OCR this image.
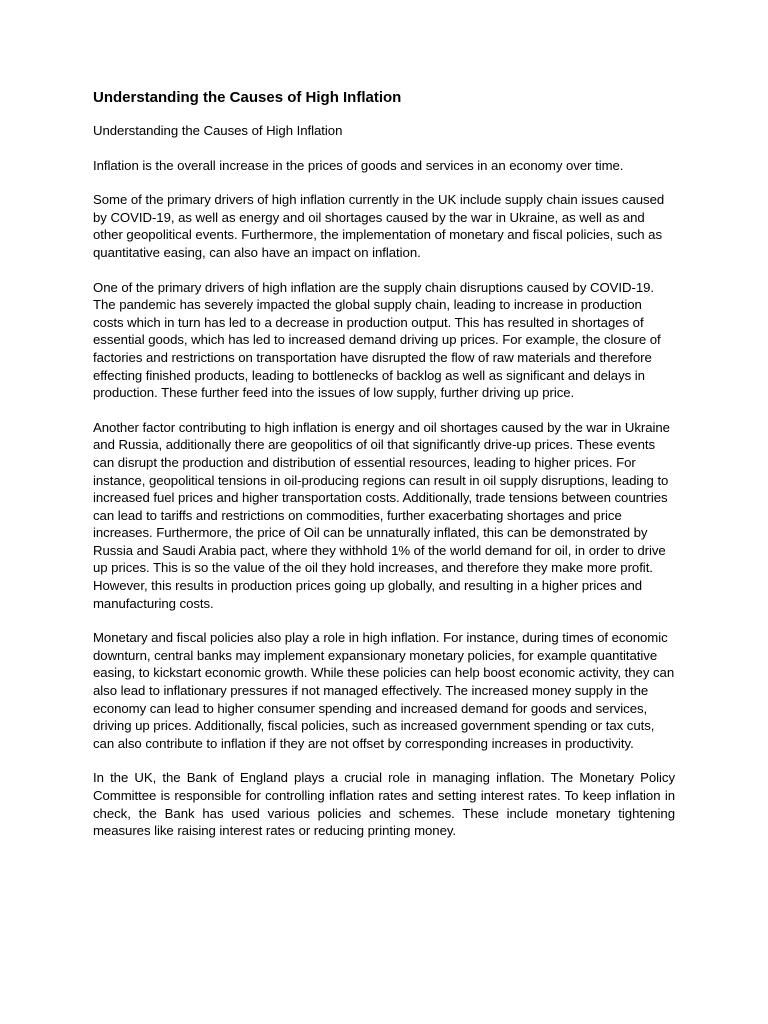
Understanding the Causes of High Inflation

Understanding the Causes of High Inflation

Inflation is the overall increase in the prices of goods and services in an economy over time.

Some of the primary drivers of high inflation currently in the UK include supply chain issues caused by COVID-19, as well as energy and oil shortages caused by the war in Ukraine, as well as and other geopolitical events. Furthermore, the implementation of monetary and fiscal policies, such as quantitative easing, can also have an impact on inflation.

One of the primary drivers of high inflation are the supply chain disruptions caused by COVID-19. The pandemic has severely impacted the global supply chain, leading to increase in production costs which in turn has led to a decrease in production output. This has resulted in shortages of essential goods, which has led to increased demand driving up prices. For example, the closure of factories and restrictions on transportation have disrupted the flow of raw materials and therefore effecting finished products, leading to bottlenecks of backlog as well as significant and delays in production. These further feed into the issues of low supply, further driving up price.

Another factor contributing to high inflation is energy and oil shortages caused by the war in Ukraine and Russia, additionally there are geopolitics of oil that significantly drive-up prices. These events can disrupt the production and distribution of essential resources, leading to higher prices. For instance, geopolitical tensions in oil-producing regions can result in oil supply disruptions, leading to increased fuel prices and higher transportation costs. Additionally, trade tensions between countries can lead to tariffs and restrictions on commodities, further exacerbating shortages and price increases. Furthermore, the price of Oil can be unnaturally inflated, this can be demonstrated by Russia and Saudi Arabia pact, where they withhold 1% of the world demand for oil, in order to drive up prices. This is so the value of the oil they hold increases, and therefore they make more profit. However, this results in production prices going up globally, and resulting in a higher prices and manufacturing costs.

Monetary and fiscal policies also play a role in high inflation. For instance, during times of economic downturn, central banks may implement expansionary monetary policies, for example quantitative easing, to kickstart economic growth. While these policies can help boost economic activity, they can also lead to inflationary pressures if not managed effectively. The increased money supply in the economy can lead to higher consumer spending and increased demand for goods and services, driving up prices. Additionally, fiscal policies, such as increased government spending or tax cuts, can also contribute to inflation if they are not offset by corresponding increases in productivity.

In the UK, the Bank of England plays a crucial role in managing inflation. The Monetary Policy Committee is responsible for controlling inflation rates and setting interest rates. To keep inflation in check, the Bank has used various policies and schemes. These include monetary tightening measures like raising interest rates or reducing printing money.
